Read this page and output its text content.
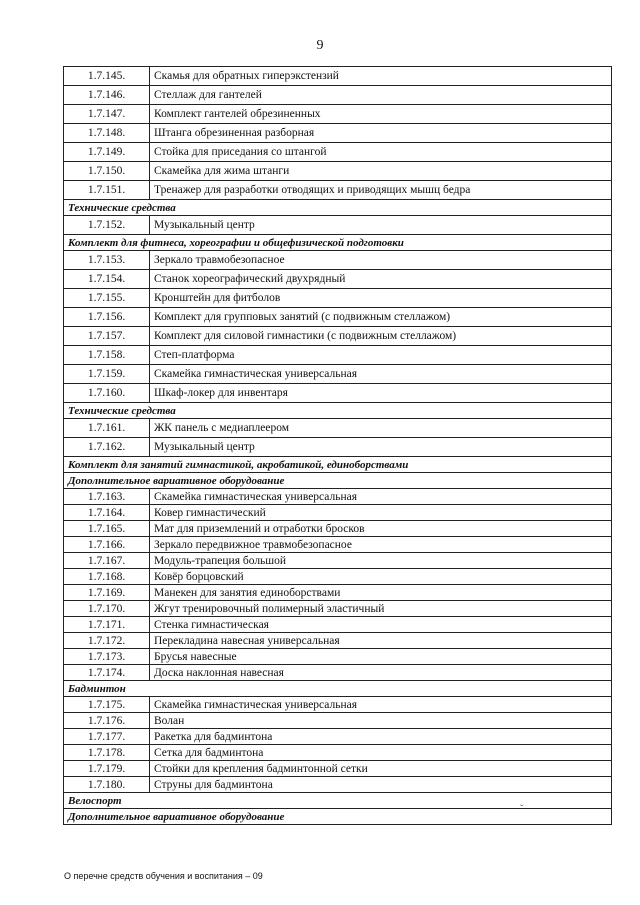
9
1.7.145.	Скамья для обратных гиперэкстензий
1.7.146.	Стеллаж для гантелей
1.7.147.	Комплект гантелей обрезиненных
1.7.148.	Штанга обрезиненная разборная
1.7.149.	Стойка для приседания со штангой
1.7.150.	Скамейка для жима штанги
1.7.151.	Тренажер для разработки отводящих и приводящих мышц бедра
Технические средства	
1.7.152.	Музыкальный центр
Комплект для фитнеса, хореографии и общефизической подготовки	
1.7.153.	Зеркало травмобезопасное
1.7.154.	Станок хореографический двухрядный
1.7.155.	Кронштейн для фитболов
1.7.156.	Комплект для групповых занятий (с подвижным стеллажом)
1.7.157.	Комплект для силовой гимнастики (с подвижным стеллажом)
1.7.158.	Степ-платформа
1.7.159.	Скамейка гимнастическая универсальная
1.7.160.	Шкаф-локер для инвентаря
Технические средства	
1.7.161.	ЖК панель с медиаплеером
1.7.162.	Музыкальный центр
Комплект для занятий гимнастикой, акробатикой, единоборствами	
Дополнительное вариативное оборудование	
1.7.163.	Скамейка гимнастическая универсальная
1.7.164.	Ковер гимнастический
1.7.165.	Мат для приземлений и отработки бросков
1.7.166.	Зеркало передвижное травмобезопасное
1.7.167.	Модуль-трапеция большой
1.7.168.	Ковёр борцовский
1.7.169.	Манекен для занятия единоборствами
1.7.170.	Жгут тренировочный полимерный эластичный
1.7.171.	Стенка гимнастическая
1.7.172.	Перекладина навесная универсальная
1.7.173.	Брусья навесные
1.7.174.	Доска наклонная навесная
Бадминтон	
1.7.175.	Скамейка гимнастическая универсальная
1.7.176.	Волан
1.7.177.	Ракетка для бадминтона
1.7.178.	Сетка для бадминтона
1.7.179.	Стойки для крепления бадминтонной сетки
1.7.180.	Струны для бадминтона
Велоспорт	
Дополнительное вариативное оборудование	
ˇ
О перечне средств обучения и воспитания – 09
